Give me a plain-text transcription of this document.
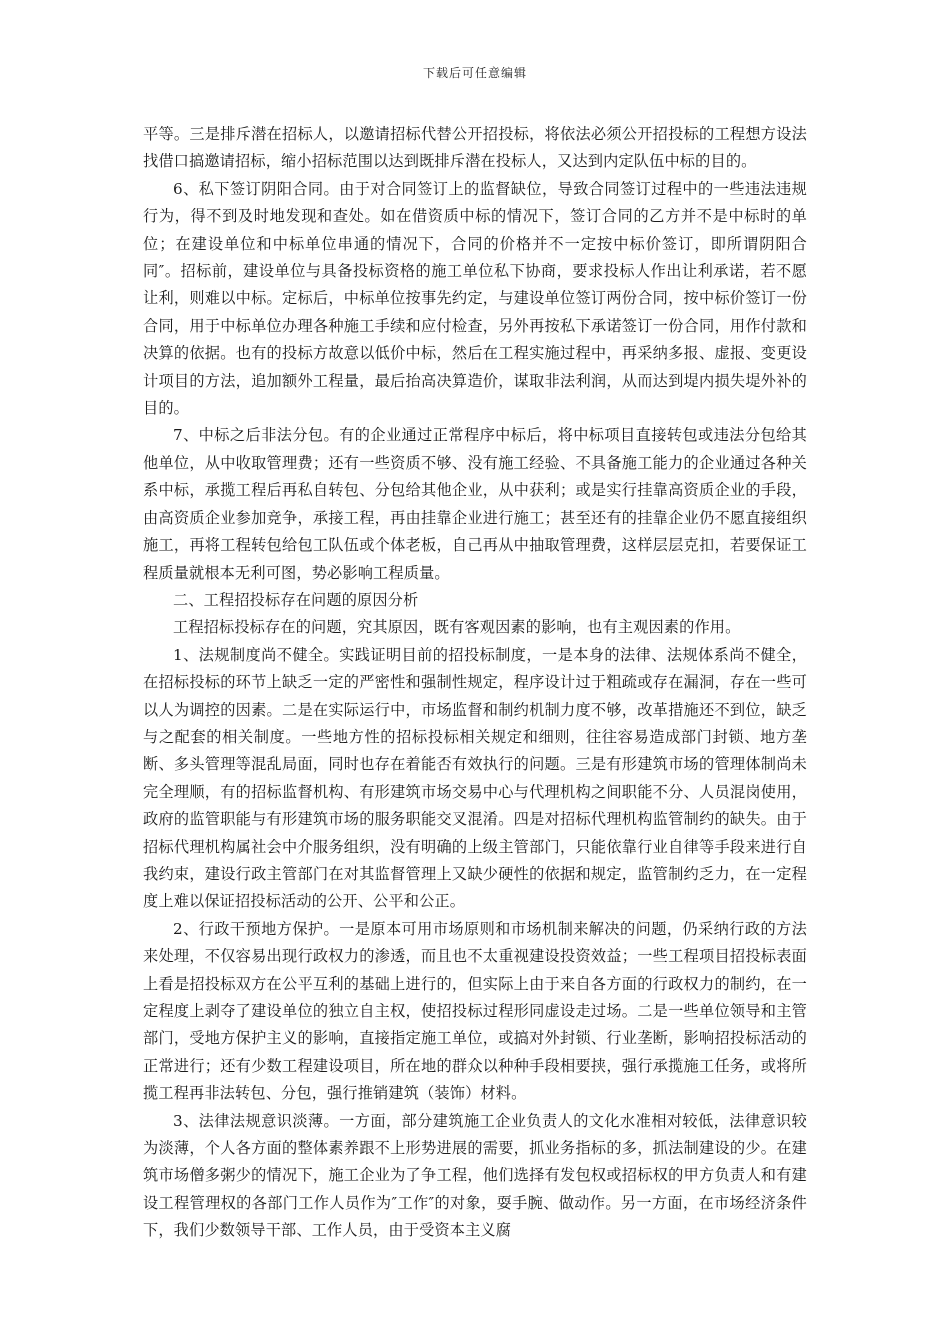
下载后可任意编辑

平等。三是排斥潜在招标人，以邀请招标代替公开招投标，将依法必须公开招投标的工程想方设法找借口搞邀请招标，缩小招标范围以达到既排斥潜在投标人，又达到内定队伍中标的目的。

6、私下签订阴阳合同。由于对合同签订上的监督缺位，导致合同签订过程中的一些违法违规行为，得不到及时地发现和查处。如在借资质中标的情况下，签订合同的乙方并不是中标时的单位；在建设单位和中标单位串通的情况下，合同的价格并不一定按中标价签订，即所谓阴阳合同″。招标前，建设单位与具备投标资格的施工单位私下协商，要求投标人作出让利承诺，若不愿让利，则难以中标。定标后，中标单位按事先约定，与建设单位签订两份合同，按中标价签订一份合同，用于中标单位办理各种施工手续和应付检查，另外再按私下承诺签订一份合同，用作付款和决算的依据。也有的投标方故意以低价中标，然后在工程实施过程中，再采纳多报、虚报、变更设计项目的方法，追加额外工程量，最后抬高决算造价，谋取非法利润，从而达到堤内损失堤外补的目的。

7、中标之后非法分包。有的企业通过正常程序中标后，将中标项目直接转包或违法分包给其他单位，从中收取管理费；还有一些资质不够、没有施工经验、不具备施工能力的企业通过各种关系中标，承揽工程后再私自转包、分包给其他企业，从中获利；或是实行挂靠高资质企业的手段，由高资质企业参加竞争，承接工程，再由挂靠企业进行施工；甚至还有的挂靠企业仍不愿直接组织施工，再将工程转包给包工队伍或个体老板，自己再从中抽取管理费，这样层层克扣，若要保证工程质量就根本无利可图，势必影响工程质量。

二、工程招投标存在问题的原因分析

工程招标投标存在的问题，究其原因，既有客观因素的影响，也有主观因素的作用。

1、法规制度尚不健全。实践证明目前的招投标制度，一是本身的法律、法规体系尚不健全，在招标投标的环节上缺乏一定的严密性和强制性规定，程序设计过于粗疏或存在漏洞，存在一些可以人为调控的因素。二是在实际运行中，市场监督和制约机制力度不够，改革措施还不到位，缺乏与之配套的相关制度。一些地方性的招标投标相关规定和细则，往往容易造成部门封锁、地方垄断、多头管理等混乱局面，同时也存在着能否有效执行的问题。三是有形建筑市场的管理体制尚未完全理顺，有的招标监督机构、有形建筑市场交易中心与代理机构之间职能不分、人员混岗使用，政府的监管职能与有形建筑市场的服务职能交叉混淆。四是对招标代理机构监管制约的缺失。由于招标代理机构属社会中介服务组织，没有明确的上级主管部门，只能依靠行业自律等手段来进行自我约束，建设行政主管部门在对其监督管理上又缺少硬性的依据和规定，监管制约乏力，在一定程度上难以保证招投标活动的公开、公平和公正。

2、行政干预地方保护。一是原本可用市场原则和市场机制来解决的问题，仍采纳行政的方法来处理，不仅容易出现行政权力的渗透，而且也不太重视建设投资效益；一些工程项目招投标表面上看是招投标双方在公平互利的基础上进行的，但实际上由于来自各方面的行政权力的制约，在一定程度上剥夺了建设单位的独立自主权，使招投标过程形同虚设走过场。二是一些单位领导和主管部门，受地方保护主义的影响，直接指定施工单位，或搞对外封锁、行业垄断，影响招投标活动的正常进行；还有少数工程建设项目，所在地的群众以种种手段相要挟，强行承揽施工任务，或将所揽工程再非法转包、分包，强行推销建筑（装饰）材料。

3、法律法规意识淡薄。一方面，部分建筑施工企业负责人的文化水准相对较低，法律意识较为淡薄，个人各方面的整体素养跟不上形势进展的需要，抓业务指标的多，抓法制建设的少。在建筑市场僧多粥少的情况下，施工企业为了争工程，他们选择有发包权或招标权的甲方负责人和有建设工程管理权的各部门工作人员作为″工作″的对象，耍手腕、做动作。另一方面，在市场经济条件下，我们少数领导干部、工作人员，由于受资本主义腐
